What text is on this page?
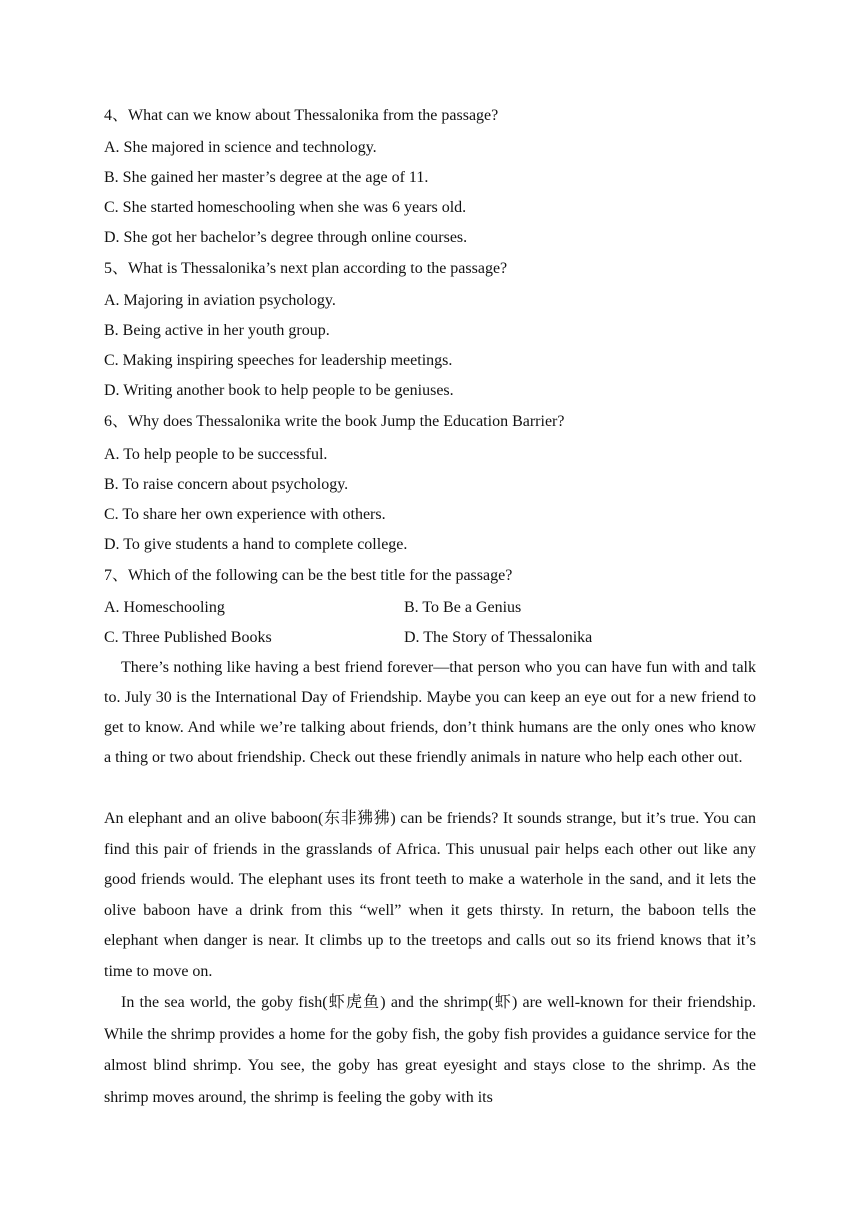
4、What can we know about Thessalonika from the passage?
A. She majored in science and technology.
B. She gained her master’s degree at the age of 11.
C. She started homeschooling when she was 6 years old.
D. She got her bachelor’s degree through online courses.
5、What is Thessalonika’s next plan according to the passage?
A. Majoring in aviation psychology.
B. Being active in her youth group.
C. Making inspiring speeches for leadership meetings.
D. Writing another book to help people to be geniuses.
6、Why does Thessalonika write the book Jump the Education Barrier?
A. To help people to be successful.
B. To raise concern about psychology.
C. To share her own experience with others.
D. To give students a hand to complete college.
7、Which of the following can be the best title for the passage?
A. Homeschooling	B. To Be a Genius
C. Three Published Books	D. The Story of Thessalonika
There’s nothing like having a best friend forever—that person who you can have fun with and talk to. July 30 is the International Day of Friendship. Maybe you can keep an eye out for a new friend to get to know. And while we’re talking about friends, don’t think humans are the only ones who know a thing or two about friendship. Check out these friendly animals in nature who help each other out.
An elephant and an olive baboon(东非狒狒) can be friends? It sounds strange, but it’s true. You can find this pair of friends in the grasslands of Africa. This unusual pair helps each other out like any good friends would. The elephant uses its front teeth to make a waterhole in the sand, and it lets the olive baboon have a drink from this “well” when it gets thirsty. In return, the baboon tells the elephant when danger is near. It climbs up to the treetops and calls out so its friend knows that it’s time to move on.
In the sea world, the goby fish(虾虎鱼) and the shrimp(虾) are well-known for their friendship. While the shrimp provides a home for the goby fish, the goby fish provides a guidance service for the almost blind shrimp. You see, the goby has great eyesight and stays close to the shrimp. As the shrimp moves around, the shrimp is feeling the goby with its
